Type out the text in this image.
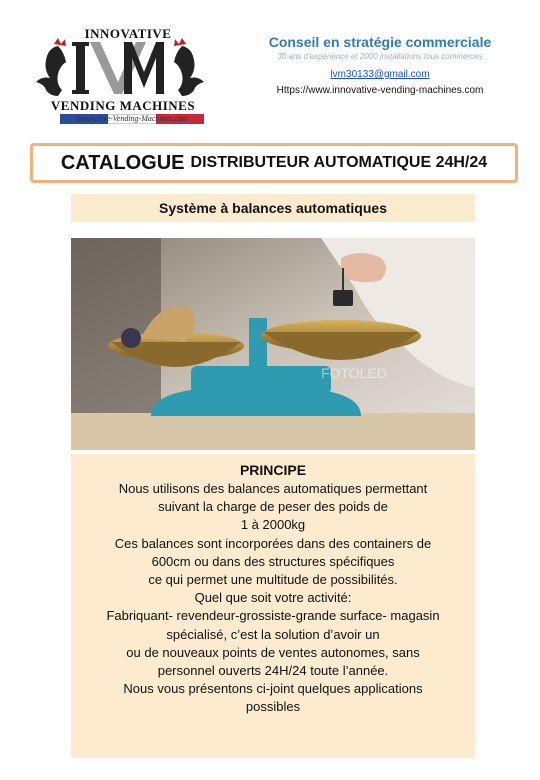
INNOVATIVE
VENDING MACHINES
Innovative-Vending-Machines.com
Conseil en stratégie commerciale
30 ans d'expérience et 2000 installations tous commerces
lvm30133@gmail.com
Https://www.innovative-vending-machines.com
CATALOGUE DISTRIBUTEUR AUTOMATIQUE 24H/24
Système à balances automatiques
FOTOLED
PRINCIPE
Nous utilisons des balances automatiques permettant
suivant la charge de peser des poids de
1 à 2000kg
Ces balances sont incorporées dans des containers de
600cm ou dans des structures spécifiques
ce qui permet une multitude de possibilités.
Quel que soit votre activité:
Fabriquant- revendeur-grossiste-grande surface- magasin
spécialisé, c’est la solution d’avoir un
ou de nouveaux points de ventes autonomes, sans
personnel ouverts 24H/24 toute l’année.
Nous vous présentons ci-joint quelques applications
possibles
